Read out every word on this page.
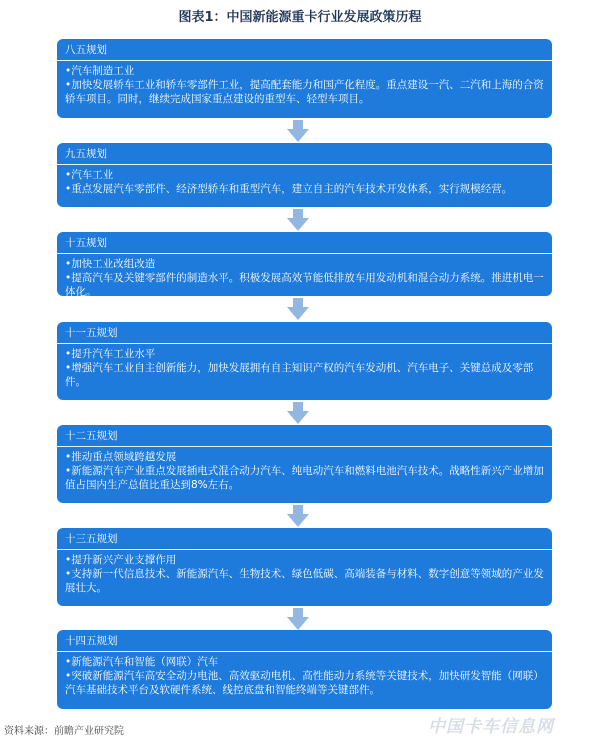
图表1：中国新能源重卡行业发展政策历程
八五规划
•汽车制造工业
•加快发展轿车工业和轿车零部件工业，提高配套能力和国产化程度。重点建设一汽、二汽和上海的合资轿车项目。同时，继续完成国家重点建设的重型车、轻型车项目。
九五规划
•汽车工业
•重点发展汽车零部件、经济型轿车和重型汽车，建立自主的汽车技术开发体系，实行规模经营。
十五规划
•加快工业改组改造
•提高汽车及关键零部件的制造水平。积极发展高效节能低排放车用发动机和混合动力系统。推进机电一体化。
十一五规划
•提升汽车工业水平
•增强汽车工业自主创新能力，加快发展拥有自主知识产权的汽车发动机、汽车电子、关键总成及零部件。
十二五规划
•推动重点领域跨越发展
•新能源汽车产业重点发展插电式混合动力汽车、纯电动汽车和燃料电池汽车技术。战略性新兴产业增加值占国内生产总值比重达到8%左右。
十三五规划
•提升新兴产业支撑作用
•支持新一代信息技术、新能源汽车、生物技术、绿色低碳、高端装备与材料、数字创意等领域的产业发展壮大。
十四五规划
•新能源汽车和智能（网联）汽车
•突破新能源汽车高安全动力电池、高效驱动电机、高性能动力系统等关键技术，加快研发智能（网联）汽车基础技术平台及软硬件系统、线控底盘和智能终端等关键部件。
资料来源：前瞻产业研究院	中国卡车信息网
